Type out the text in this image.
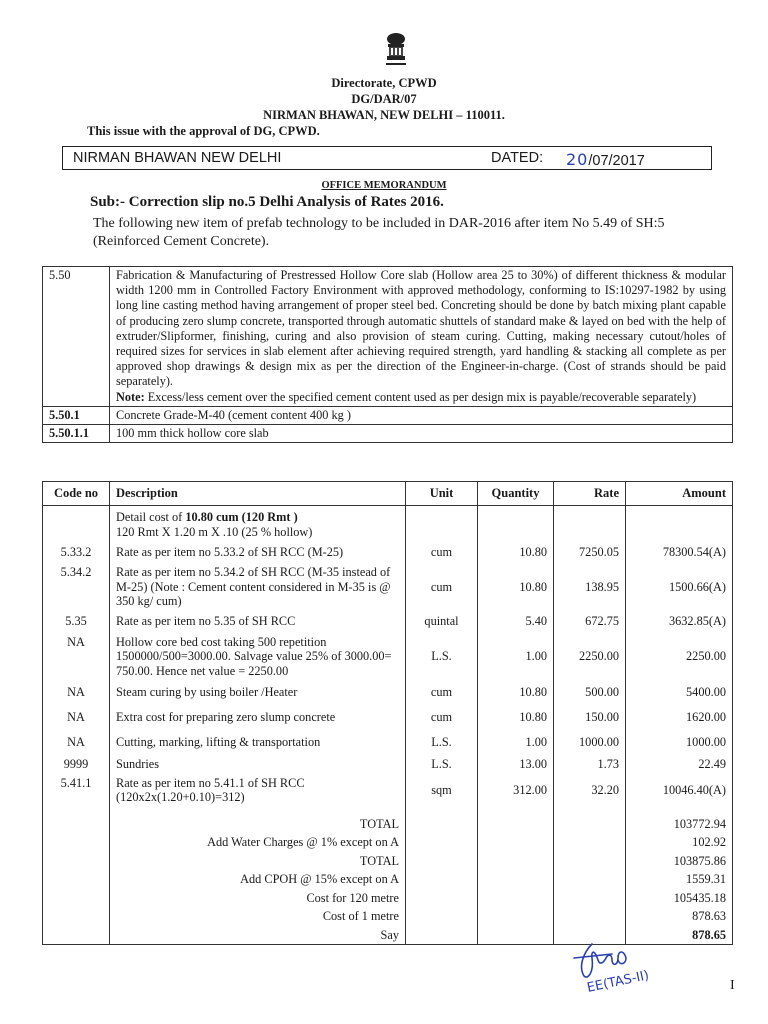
Directorate, CPWD
DG/DAR/07
NIRMAN BHAWAN, NEW DELHI – 110011.
This issue with the approval of DG, CPWD.
NIRMAN BHAWAN NEW DELHI	DATED: 20/07/2017
OFFICE MEMORANDUM
Sub:- Correction slip no.5 Delhi Analysis of Rates 2016.
The following new item of prefab technology to be included in DAR-2016 after item No 5.49 of SH:5 (Reinforced Cement Concrete).
5.50	Fabrication & Manufacturing of Prestressed Hollow Core slab (Hollow area 25 to 30%) of different thickness & modular width 1200 mm in Controlled Factory Environment with approved methodology, conforming to IS:10297-1982 by using long line casting method having arrangement of proper steel bed. Concreting should be done by batch mixing plant capable of producing zero slump concrete, transported through automatic shuttels of standard make & layed on bed with the help of extruder/Slipformer, finishing, curing and also provision of steam curing. Cutting, making necessary cutout/holes of required sizes for services in slab element after achieving required strength, yard handling & stacking all complete as per approved shop drawings & design mix as per the direction of the Engineer-in-charge. (Cost of strands should be paid separately).
Note: Excess/less cement over the specified cement content used as per design mix is payable/recoverable separately)
5.50.1	Concrete Grade-M-40 (cement content 400 kg )
5.50.1.1	100 mm thick hollow core slab
Code no	Description	Unit	Quantity	Rate	Amount
	Detail cost of 10.80 cum (120 Rmt )
120 Rmt X 1.20 m X .10 (25 % hollow)				
5.33.2	Rate as per item no 5.33.2 of SH RCC (M-25)	cum	10.80	7250.05	78300.54(A)
5.34.2	Rate as per item no 5.34.2 of SH RCC (M-35 instead of M-25) (Note : Cement content considered in M-35 is @ 350 kg/ cum)	cum	10.80	138.95	1500.66(A)
5.35	Rate as per item no 5.35 of SH RCC	quintal	5.40	672.75	3632.85(A)
NA	Hollow core bed cost taking 500 repetition 1500000/500=3000.00. Salvage value 25% of 3000.00= 750.00. Hence net value = 2250.00	L.S.	1.00	2250.00	2250.00
NA	Steam curing by using boiler /Heater	cum	10.80	500.00	5400.00
NA	Extra cost for preparing zero slump concrete	cum	10.80	150.00	1620.00
NA	Cutting, marking, lifting & transportation	L.S.	1.00	1000.00	1000.00
9999	Sundries	L.S.	13.00	1.73	22.49
5.41.1	Rate as per item no 5.41.1 of SH RCC (120x2x(1.20+0.10)=312)	sqm	312.00	32.20	10046.40(A)

	TOTAL				103772.94
	Add Water Charges @ 1% except on A				102.92
	TOTAL				103875.86
	Add CPOH @ 15% except on A				1559.31
	Cost for 120 metre				105435.18
	Cost of 1 metre				878.63
	Say				878.65
EE(TAS-II)	I
